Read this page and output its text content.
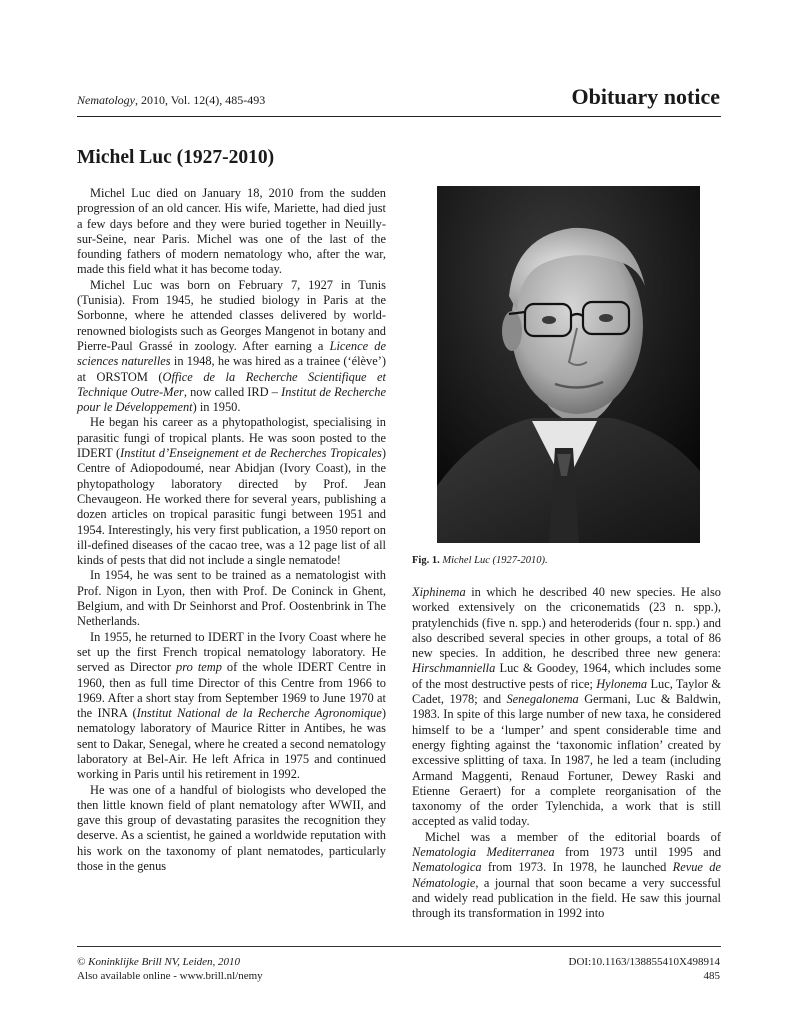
Nematology, 2010, Vol. 12(4), 485-493	Obituary notice
Michel Luc (1927-2010)

Michel Luc died on January 18, 2010 from the sudden progression of an old cancer. His wife, Mariette, had died just a few days before and they were buried together in Neuilly-sur-Seine, near Paris. Michel was one of the last of the founding fathers of modern nematology who, after the war, made this field what it has become today.

Michel Luc was born on February 7, 1927 in Tunis (Tunisia). From 1945, he studied biology in Paris at the Sorbonne, where he attended classes delivered by world-renowned biologists such as Georges Mangenot in botany and Pierre-Paul Grassé in zoology. After earning a Licence de sciences naturelles in 1948, he was hired as a trainee (‘élève’) at ORSTOM (Office de la Recherche Scientifique et Technique Outre-Mer, now called IRD – Institut de Recherche pour le Développement) in 1950.

He began his career as a phytopathologist, specialising in parasitic fungi of tropical plants. He was soon posted to the IDERT (Institut d’Enseignement et de Recherches Tropicales) Centre of Adiopodoumé, near Abidjan (Ivory Coast), in the phytopathology laboratory directed by Prof. Jean Chevaugeon. He worked there for several years, publishing a dozen articles on tropical parasitic fungi between 1951 and 1954. Interestingly, his very first publication, a 1950 report on ill-defined diseases of the cacao tree, was a 12 page list of all kinds of pests that did not include a single nematode!

In 1954, he was sent to be trained as a nematologist with Prof. Nigon in Lyon, then with Prof. De Coninck in Ghent, Belgium, and with Dr Seinhorst and Prof. Oostenbrink in The Netherlands.

In 1955, he returned to IDERT in the Ivory Coast where he set up the first French tropical nematology laboratory. He served as Director pro temp of the whole IDERT Centre in 1960, then as full time Director of this Centre from 1966 to 1969. After a short stay from September 1969 to June 1970 at the INRA (Institut National de la Recherche Agronomique) nematology laboratory of Maurice Ritter in Antibes, he was sent to Dakar, Senegal, where he created a second nematology laboratory at Bel-Air. He left Africa in 1975 and continued working in Paris until his retirement in 1992.

He was one of a handful of biologists who developed the then little known field of plant nematology after WWII, and gave this group of devastating parasites the recognition they deserve. As a scientist, he gained a worldwide reputation with his work on the taxonomy of plant nematodes, particularly those in the genus

Fig. 1. Michel Luc (1927-2010).

Xiphinema in which he described 40 new species. He also worked extensively on the criconematids (23 n. spp.), pratylenchids (five n. spp.) and heteroderids (four n. spp.) and also described several species in other groups, a total of 86 new species. In addition, he described three new genera: Hirschmanniella Luc & Goodey, 1964, which includes some of the most destructive pests of rice; Hylonema Luc, Taylor & Cadet, 1978; and Senegalonema Germani, Luc & Baldwin, 1983. In spite of this large number of new taxa, he considered himself to be a ‘lumper’ and spent considerable time and energy fighting against the ‘taxonomic inflation’ created by excessive splitting of taxa. In 1987, he led a team (including Armand Maggenti, Renaud Fortuner, Dewey Raski and Etienne Geraert) for a complete reorganisation of the taxonomy of the order Tylenchida, a work that is still accepted as valid today.

Michel was a member of the editorial boards of Nematologia Mediterranea from 1973 until 1995 and Nematologica from 1973. In 1978, he launched Revue de Nématologie, a journal that soon became a very successful and widely read publication in the field. He saw this journal through its transformation in 1992 into

© Koninklijke Brill NV, Leiden, 2010
Also available online - www.brill.nl/nemy
DOI:10.1163/138855410X498914
485
